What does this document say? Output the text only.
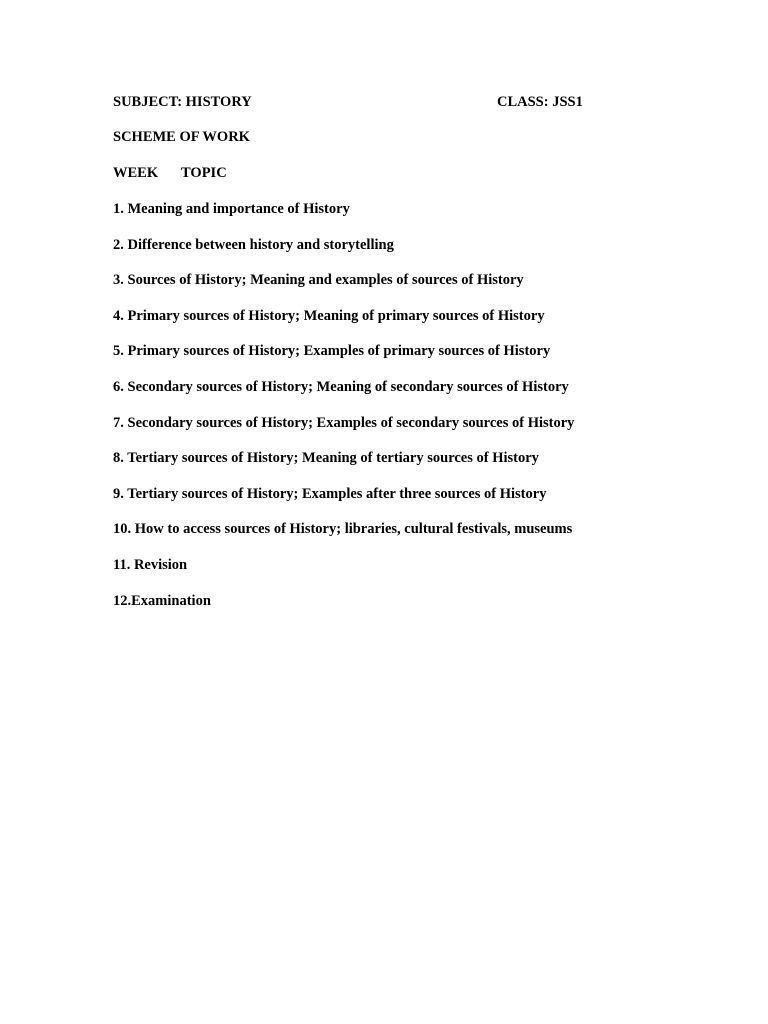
SUBJECT: HISTORY	CLASS: JSS1
SCHEME OF WORK
WEEK TOPIC
1. Meaning and importance of History
2. Difference between history and storytelling
3. Sources of History; Meaning and examples of sources of History
4. Primary sources of History; Meaning of primary sources of History
5. Primary sources of History; Examples of primary sources of History
6. Secondary sources of History; Meaning of secondary sources of History
7. Secondary sources of History; Examples of secondary sources of History
8. Tertiary sources of History; Meaning of tertiary sources of History
9. Tertiary sources of History; Examples after three sources of History
10. How to access sources of History; libraries, cultural festivals, museums
11. Revision
12.Examination
